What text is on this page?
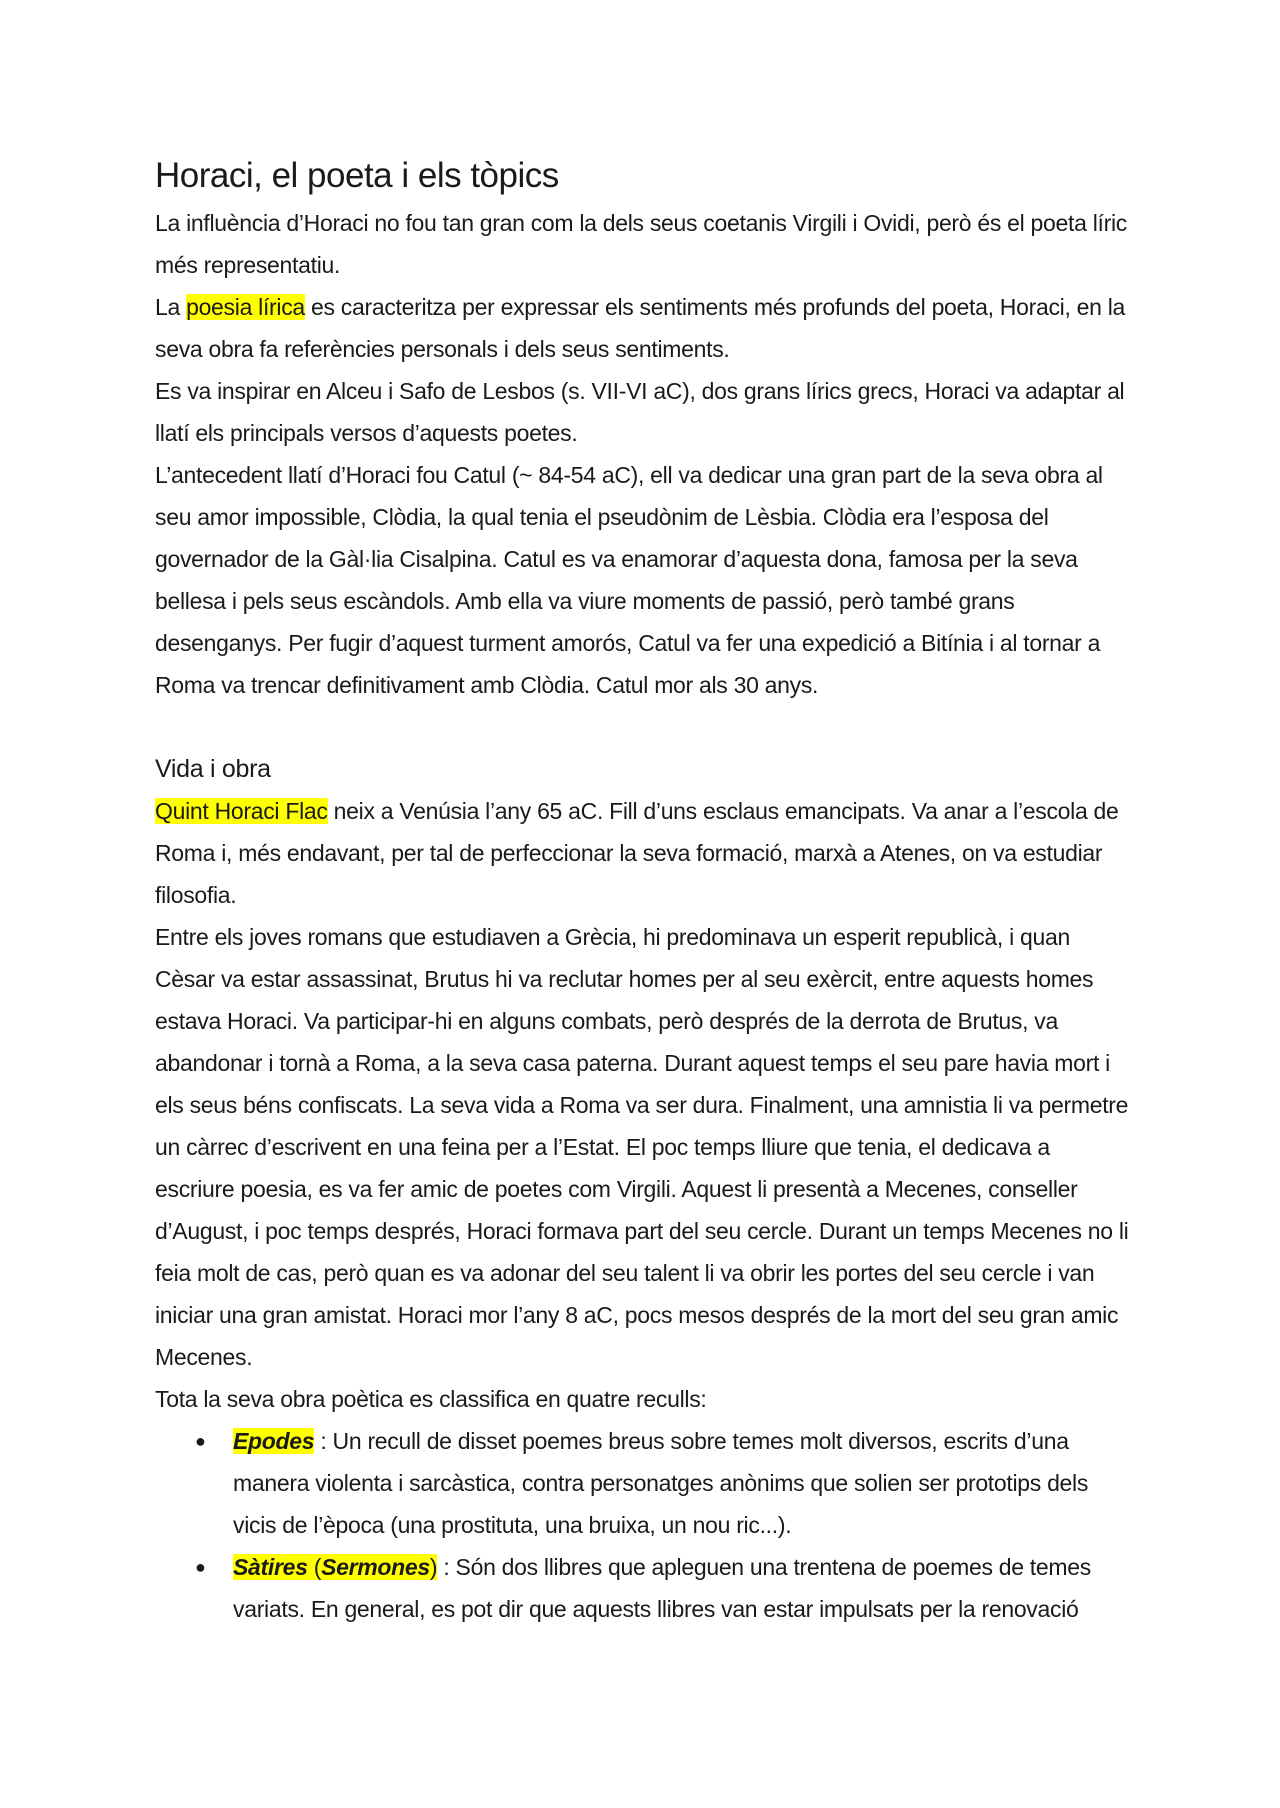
Horaci, el poeta i els tòpics

La influència d’Horaci no fou tan gran com la dels seus coetanis Virgili i Ovidi, però és el poeta líric més representatiu.

La poesia lírica es caracteritza per expressar els sentiments més profunds del poeta, Horaci, en la seva obra fa referències personals i dels seus sentiments.

Es va inspirar en Alceu i Safo de Lesbos (s. VII-VI aC), dos grans lírics grecs, Horaci va adaptar al llatí els principals versos d’aquests poetes.

L’antecedent llatí d’Horaci fou Catul (~ 84-54 aC), ell va dedicar una gran part de la seva obra al seu amor impossible, Clòdia, la qual tenia el pseudònim de Lèsbia. Clòdia era l’esposa del governador de la Gàl·lia Cisalpina. Catul es va enamorar d’aquesta dona, famosa per la seva bellesa i pels seus escàndols. Amb ella va viure moments de passió, però també grans desenganys. Per fugir d’aquest turment amorós, Catul va fer una expedició a Bitínia i al tornar a Roma va trencar definitivament amb Clòdia. Catul mor als 30 anys.

Vida i obra

Quint Horaci Flac neix a Venúsia l’any 65 aC. Fill d’uns esclaus emancipats. Va anar a l’escola de Roma i, més endavant, per tal de perfeccionar la seva formació, marxà a Atenes, on va estudiar filosofia.

Entre els joves romans que estudiaven a Grècia, hi predominava un esperit republicà, i quan Cèsar va estar assassinat, Brutus hi va reclutar homes per al seu exèrcit, entre aquests homes estava Horaci. Va participar-hi en alguns combats, però després de la derrota de Brutus, va abandonar i tornà a Roma, a la seva casa paterna. Durant aquest temps el seu pare havia mort i els seus béns confiscats. La seva vida a Roma va ser dura. Finalment, una amnistia li va permetre un càrrec d’escrivent en una feina per a l’Estat. El poc temps lliure que tenia, el dedicava a escriure poesia, es va fer amic de poetes com Virgili. Aquest li presentà a Mecenes, conseller d’August, i poc temps després, Horaci formava part del seu cercle. Durant un temps Mecenes no li feia molt de cas, però quan es va adonar del seu talent li va obrir les portes del seu cercle i van iniciar una gran amistat. Horaci mor l’any 8 aC, pocs mesos després de la mort del seu gran amic Mecenes.

Tota la seva obra poètica es classifica en quatre reculls:

● Epodes : Un recull de disset poemes breus sobre temes molt diversos, escrits d’una manera violenta i sarcàstica, contra personatges anònims que solien ser prototips dels vicis de l’època (una prostituta, una bruixa, un nou ric...).
● Sàtires (Sermones) : Són dos llibres que apleguen una trentena de poemes de temes variats. En general, es pot dir que aquests llibres van estar impulsats per la renovació
